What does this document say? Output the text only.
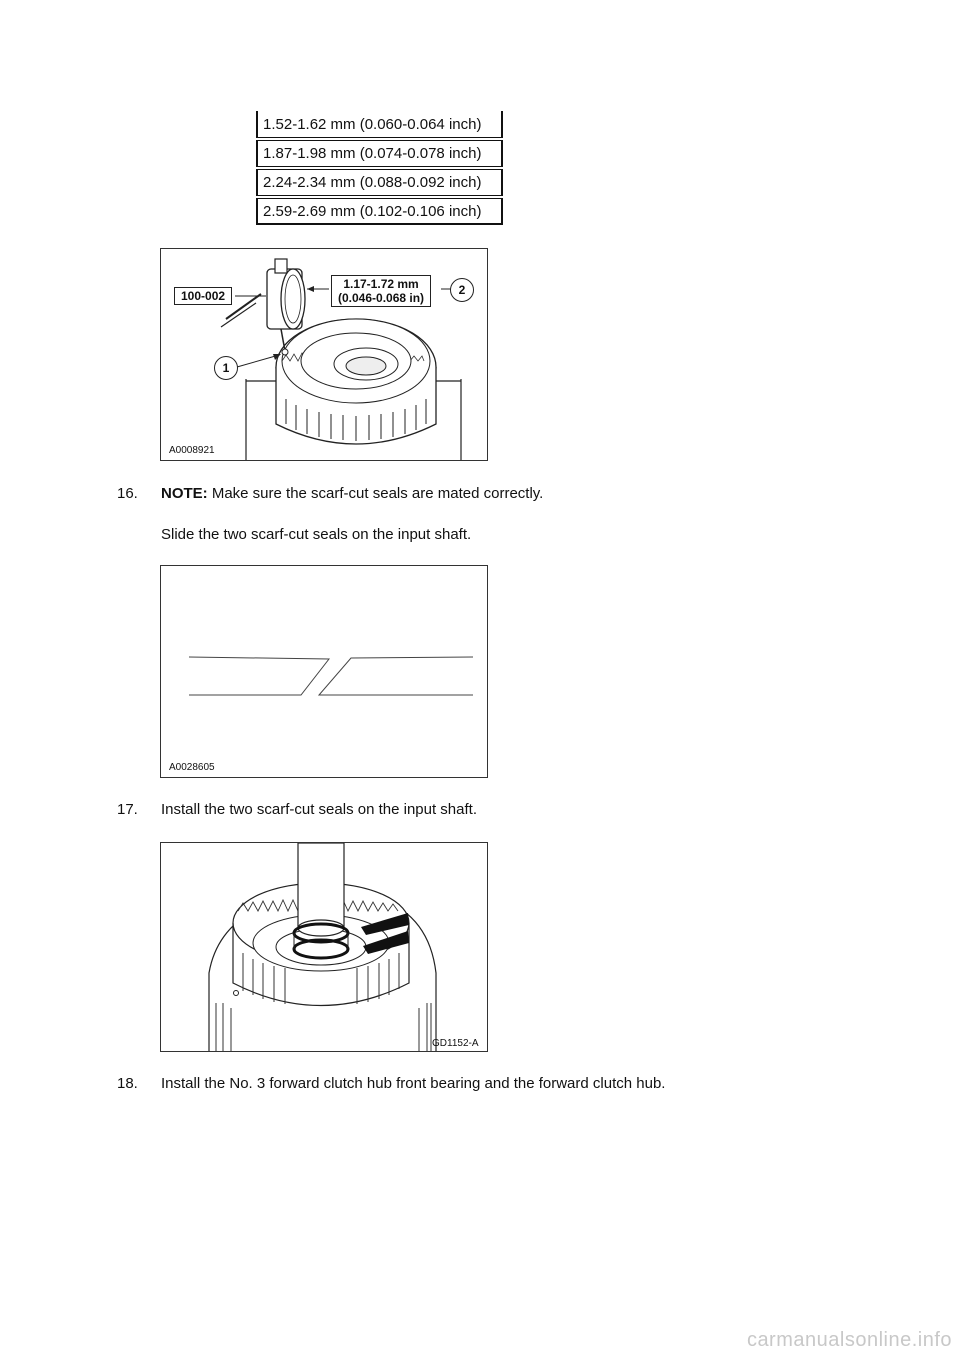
1.52-1.62 mm (0.060-0.064 inch)
1.87-1.98 mm (0.074-0.078 inch)
2.24-2.34 mm (0.088-0.092 inch)
2.59-2.69 mm (0.102-0.106 inch)
100-002
1.17-1.72 mm
(0.046-0.068 in)
2
1
A0008921
16. NOTE: Make sure the scarf-cut seals are mated correctly.
Slide the two scarf-cut seals on the input shaft.
A0028605
17. Install the two scarf-cut seals on the input shaft.
GD1152-A
18. Install the No. 3 forward clutch hub front bearing and the forward clutch hub.
carmanualsonline.info
